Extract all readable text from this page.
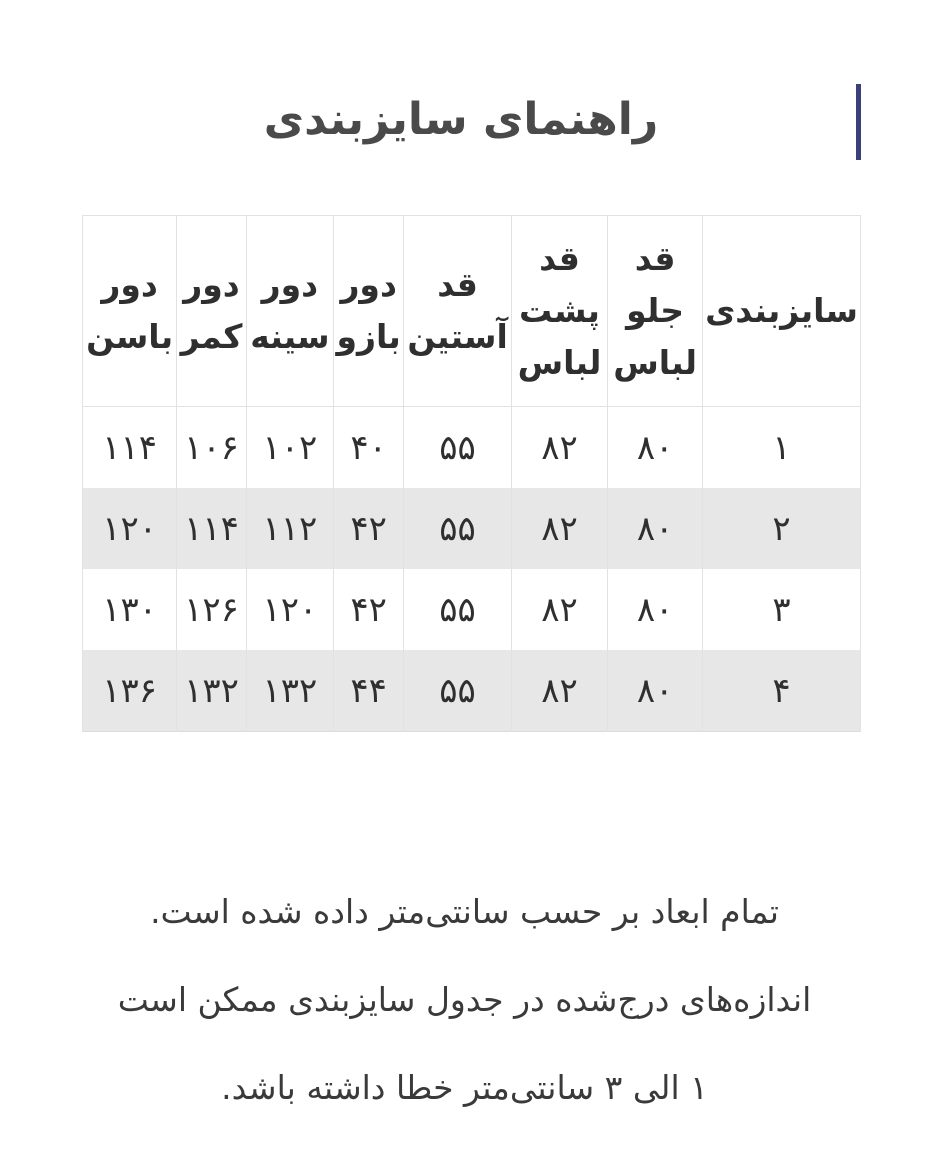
راهنمای سایزبندی
سایزبندی	قد جلو لباس	قد پشت لباس	قد آستین	دور بازو	دور سینه	دور کمر	دور باسن
۱	۸۰	۸۲	۵۵	۴۰	۱۰۲	۱۰۶	۱۱۴
۲	۸۰	۸۲	۵۵	۴۲	۱۱۲	۱۱۴	۱۲۰
۳	۸۰	۸۲	۵۵	۴۲	۱۲۰	۱۲۶	۱۳۰
۴	۸۰	۸۲	۵۵	۴۴	۱۳۲	۱۳۲	۱۳۶
تمام ابعاد بر حسب سانتی‌متر داده شده است.
اندازه‌های درج‌شده در جدول سایزبندی ممکن است
۱ الی ۳ سانتی‌متر خطا داشته باشد.
